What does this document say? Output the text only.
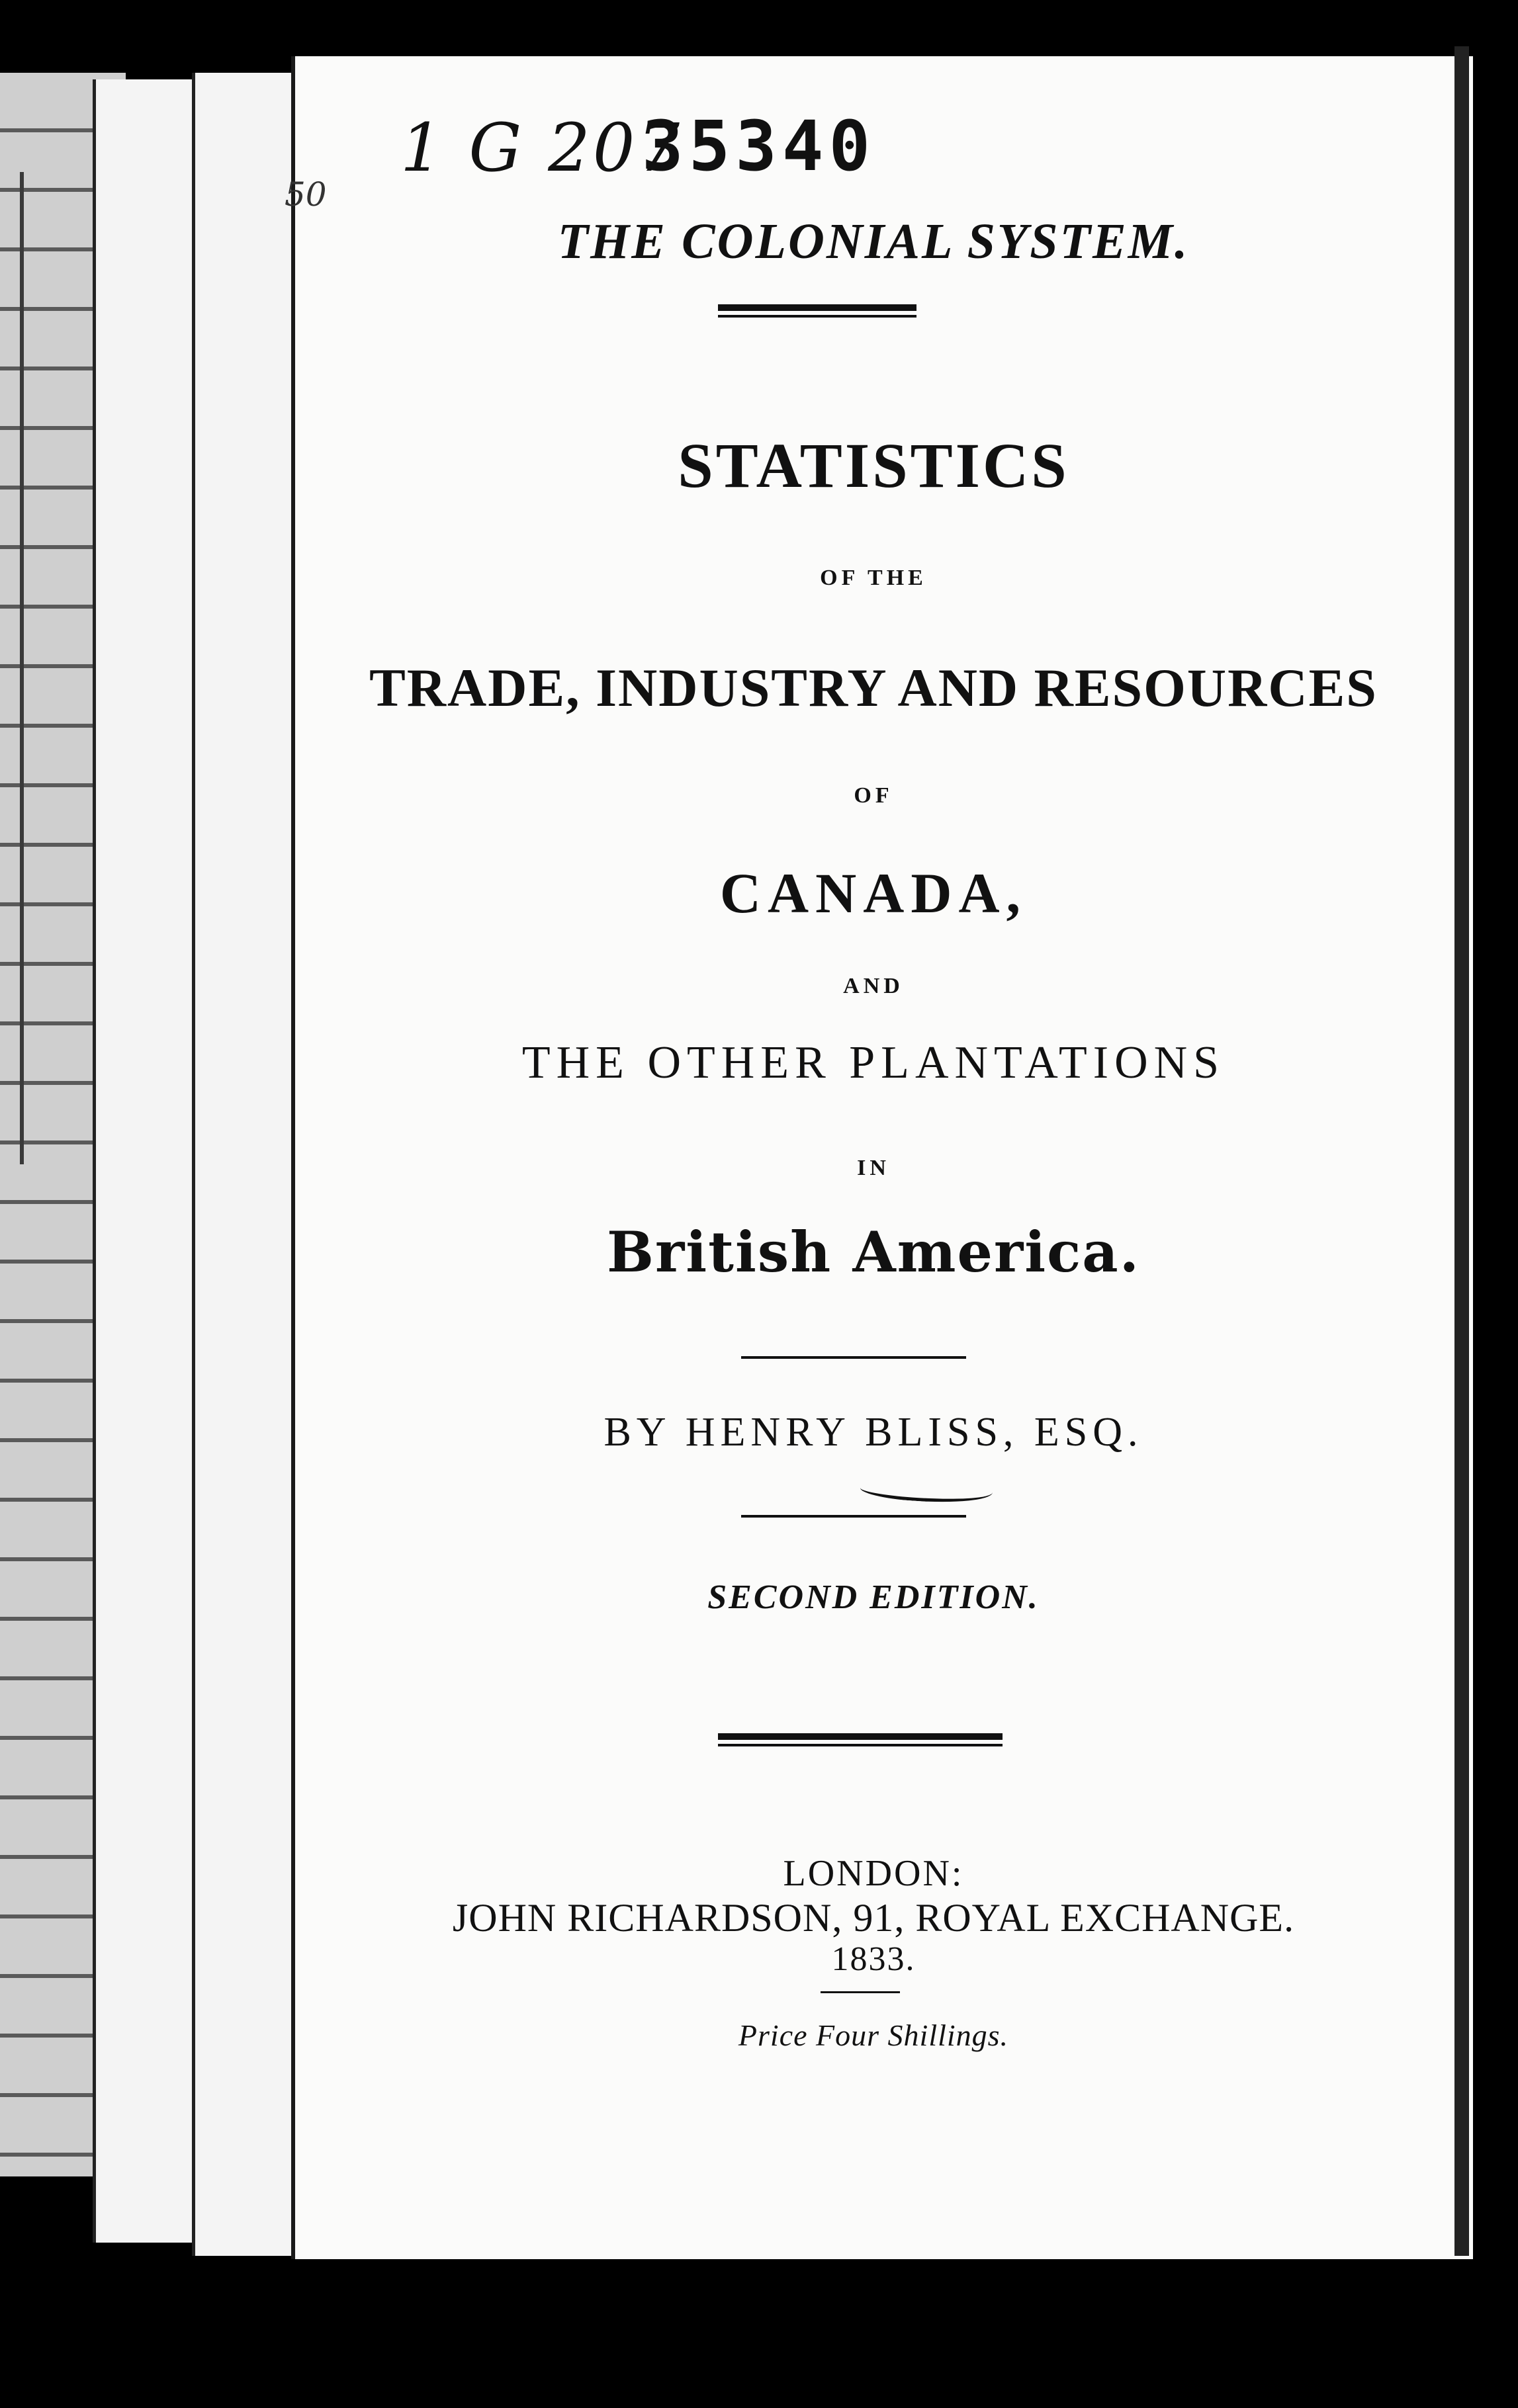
1 G 207
35340
50

THE COLONIAL SYSTEM.

STATISTICS

OF THE

TRADE, INDUSTRY AND RESOURCES

OF

CANADA,

AND

THE OTHER PLANTATIONS

IN

British America.

BY HENRY BLISS, ESQ.

SECOND EDITION.

LONDON:

JOHN RICHARDSON, 91, ROYAL EXCHANGE.

1833.

Price Four Shillings.
